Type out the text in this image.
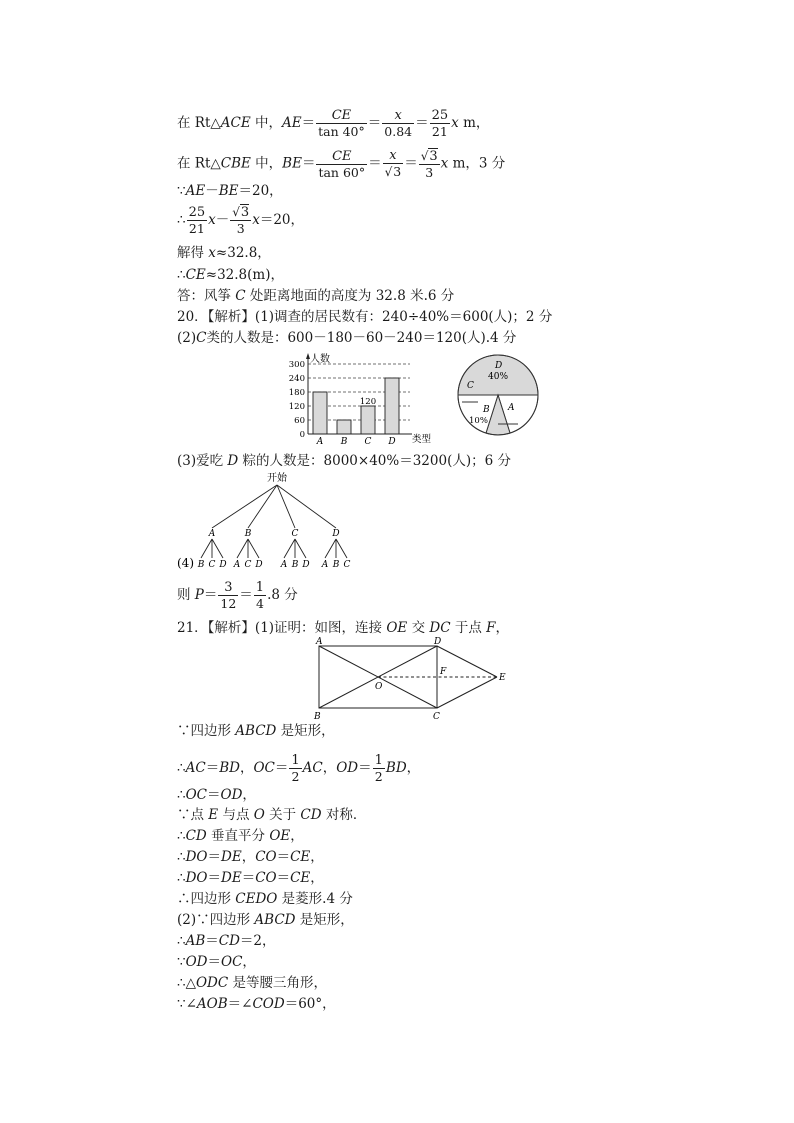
在 Rt△ACE 中，$AE= \frac{CE}{\tan 40^\circ} = \frac{x}{0.84} = \frac{25}{21}$ x m，
在 Rt△CBE 中，$BE= \frac{CE}{\tan 60^\circ} = \frac{x}{√3} = \frac{√3}{3}$ x m，3 分
∵AE－BE＝20，
∴ $\frac{25}{21} x- \frac{√3}{3} x=20$，
解得 x≈32.8，
∴CE≈32.8(m)，
答：风筝 C 处距离地面的高度为 32.8 米.6 分
20．【解析】(1)调查的居民数有：240÷40%＝600(人)；2 分
(2)C类的人数是：600－180－60－240＝120(人).4 分
0
60
120
180
240
300
A B C
120
D
人数
类型
D
40%
C
A
B
10%
(3)爱吃 D 粽的人数是：8000×40%＝3200(人)；6 分
开始
A
B C D
B
A C D
C
A B D
D
A B C
(4)
则 $P= \frac{3}{12} = \frac{1}{4} .8$ 分
21．【解析】(1)证明：如图，连接 OE 交 DC 于点 F，
A	D
B	C
O
F
E
∵四边形 ABCD 是矩形，
∴AC＝BD，$OC= \frac{1}{2}$ AC，$OD= \frac{1}{2}$ BD，
∴OC＝OD，
∵点 E 与点 O 关于 CD 对称．
∴CD 垂直平分 OE，
∴DO＝DE，CO＝CE，
∴DO＝DE＝CO＝CE，
∴四边形 CEDO 是菱形.4 分
(2)∵四边形 ABCD 是矩形，
∴AB＝CD＝2，
∵OD＝OC，
∴△ODC 是等腰三角形，
∵∠AOB＝∠COD＝60°，
